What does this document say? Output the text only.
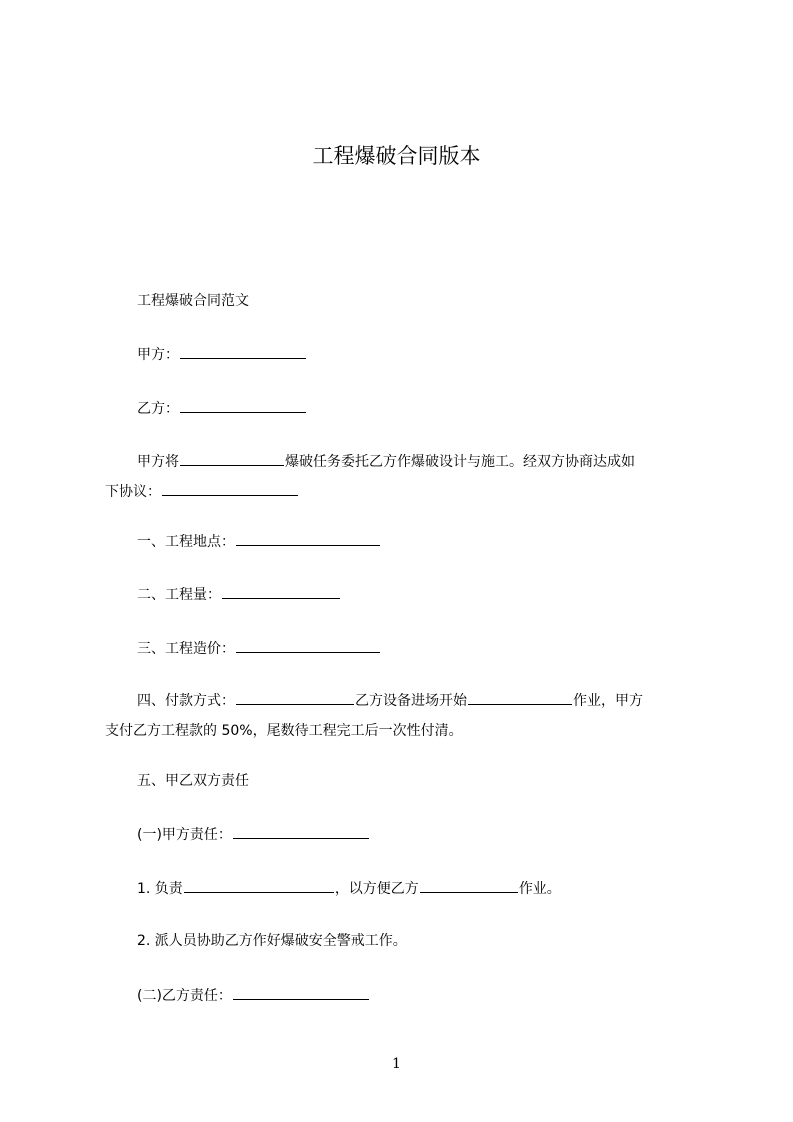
工程爆破合同版本
工程爆破合同范文
甲方：
乙方：
甲方将	爆破任务委托乙方作爆破设计与施工。经双方协商达成如
下协议：
一、工程地点：
二、工程量：
三、工程造价：
四、付款方式：	乙方设备进场开始	作业，甲方
支付乙方工程款的 50%，尾数待工程完工后一次性付清。
五、甲乙双方责任
(一)甲方责任：
1. 负责	，以方便乙方	作业。
2. 派人员协助乙方作好爆破安全警戒工作。
(二)乙方责任：
1
